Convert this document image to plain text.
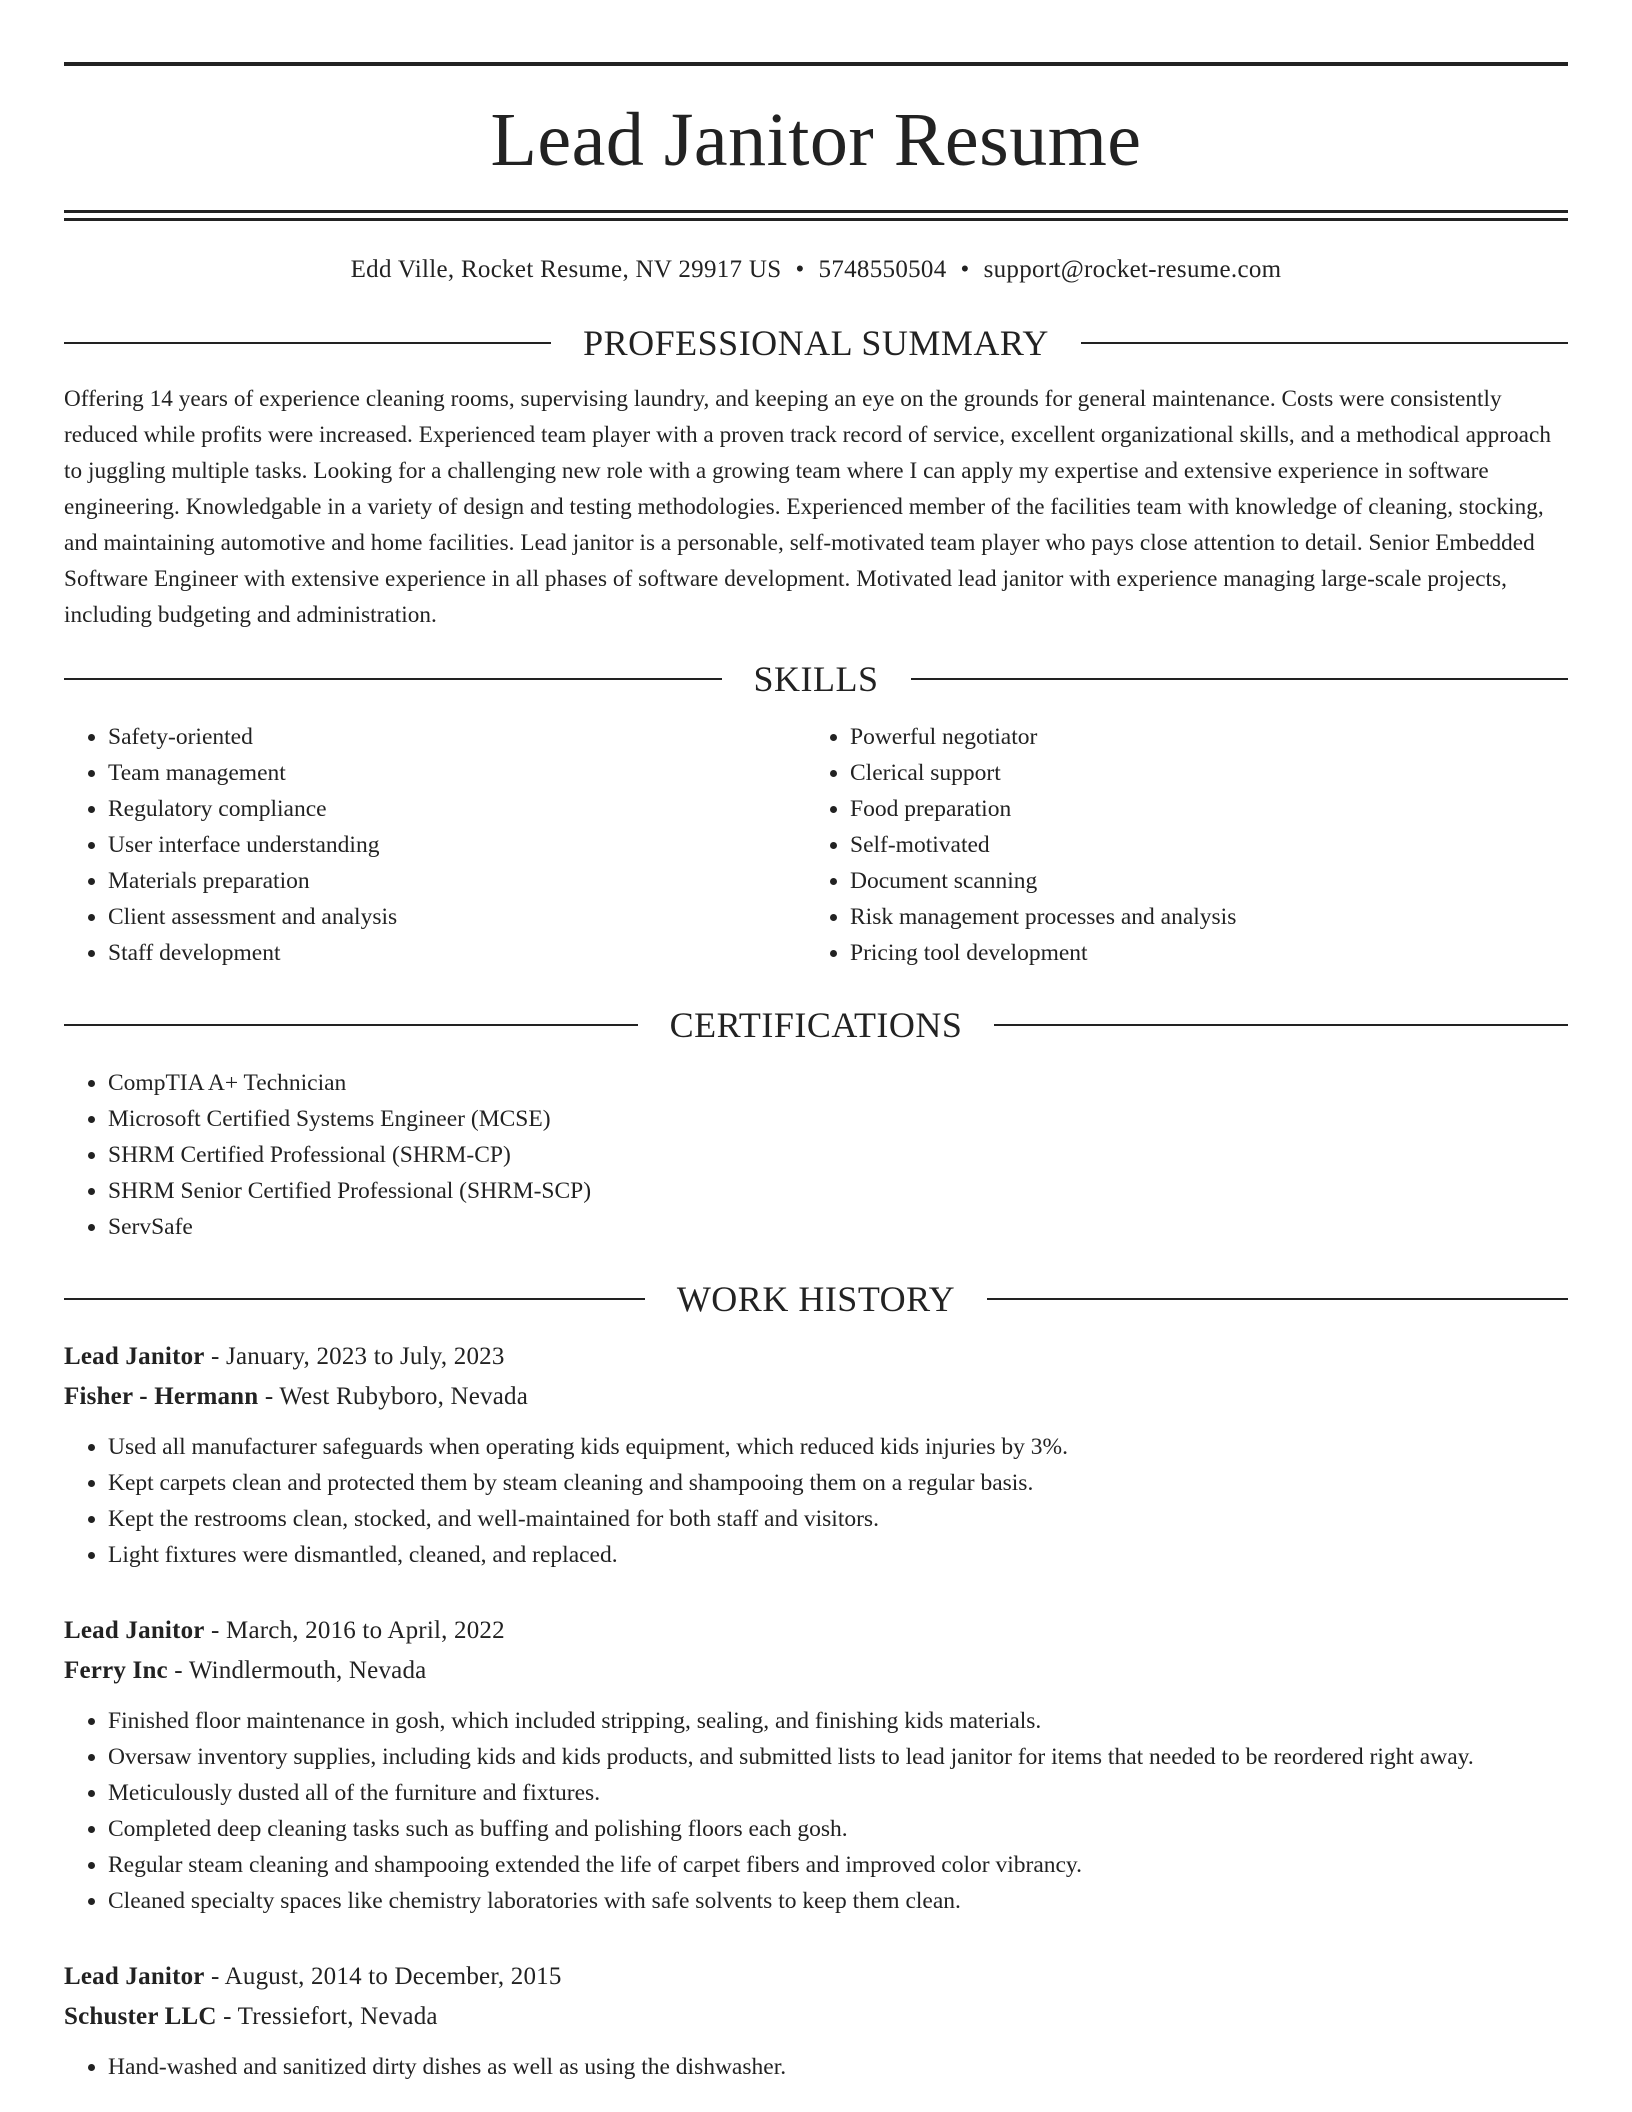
Lead Janitor Resume
Edd Ville, Rocket Resume, NV 29917 US • 5748550504 • support@rocket-resume.com
PROFESSIONAL SUMMARY
Offering 14 years of experience cleaning rooms, supervising laundry, and keeping an eye on the grounds for general maintenance. Costs were consistently reduced while profits were increased. Experienced team player with a proven track record of service, excellent organizational skills, and a methodical approach to juggling multiple tasks. Looking for a challenging new role with a growing team where I can apply my expertise and extensive experience in software engineering. Knowledgable in a variety of design and testing methodologies. Experienced member of the facilities team with knowledge of cleaning, stocking, and maintaining automotive and home facilities. Lead janitor is a personable, self-motivated team player who pays close attention to detail. Senior Embedded Software Engineer with extensive experience in all phases of software development. Motivated lead janitor with experience managing large-scale projects, including budgeting and administration.
SKILLS
• Safety-oriented
• Team management
• Regulatory compliance
• User interface understanding
• Materials preparation
• Client assessment and analysis
• Staff development
• Powerful negotiator
• Clerical support
• Food preparation
• Self-motivated
• Document scanning
• Risk management processes and analysis
• Pricing tool development
CERTIFICATIONS
• CompTIA A+ Technician
• Microsoft Certified Systems Engineer (MCSE)
• SHRM Certified Professional (SHRM-CP)
• SHRM Senior Certified Professional (SHRM-SCP)
• ServSafe
WORK HISTORY
Lead Janitor - January, 2023 to July, 2023
Fisher - Hermann - West Rubyboro, Nevada
• Used all manufacturer safeguards when operating kids equipment, which reduced kids injuries by 3%.
• Kept carpets clean and protected them by steam cleaning and shampooing them on a regular basis.
• Kept the restrooms clean, stocked, and well-maintained for both staff and visitors.
• Light fixtures were dismantled, cleaned, and replaced.
Lead Janitor - March, 2016 to April, 2022
Ferry Inc - Windlermouth, Nevada
• Finished floor maintenance in gosh, which included stripping, sealing, and finishing kids materials.
• Oversaw inventory supplies, including kids and kids products, and submitted lists to lead janitor for items that needed to be reordered right away.
• Meticulously dusted all of the furniture and fixtures.
• Completed deep cleaning tasks such as buffing and polishing floors each gosh.
• Regular steam cleaning and shampooing extended the life of carpet fibers and improved color vibrancy.
• Cleaned specialty spaces like chemistry laboratories with safe solvents to keep them clean.
Lead Janitor - August, 2014 to December, 2015
Schuster LLC - Tressiefort, Nevada
• Hand-washed and sanitized dirty dishes as well as using the dishwasher.
